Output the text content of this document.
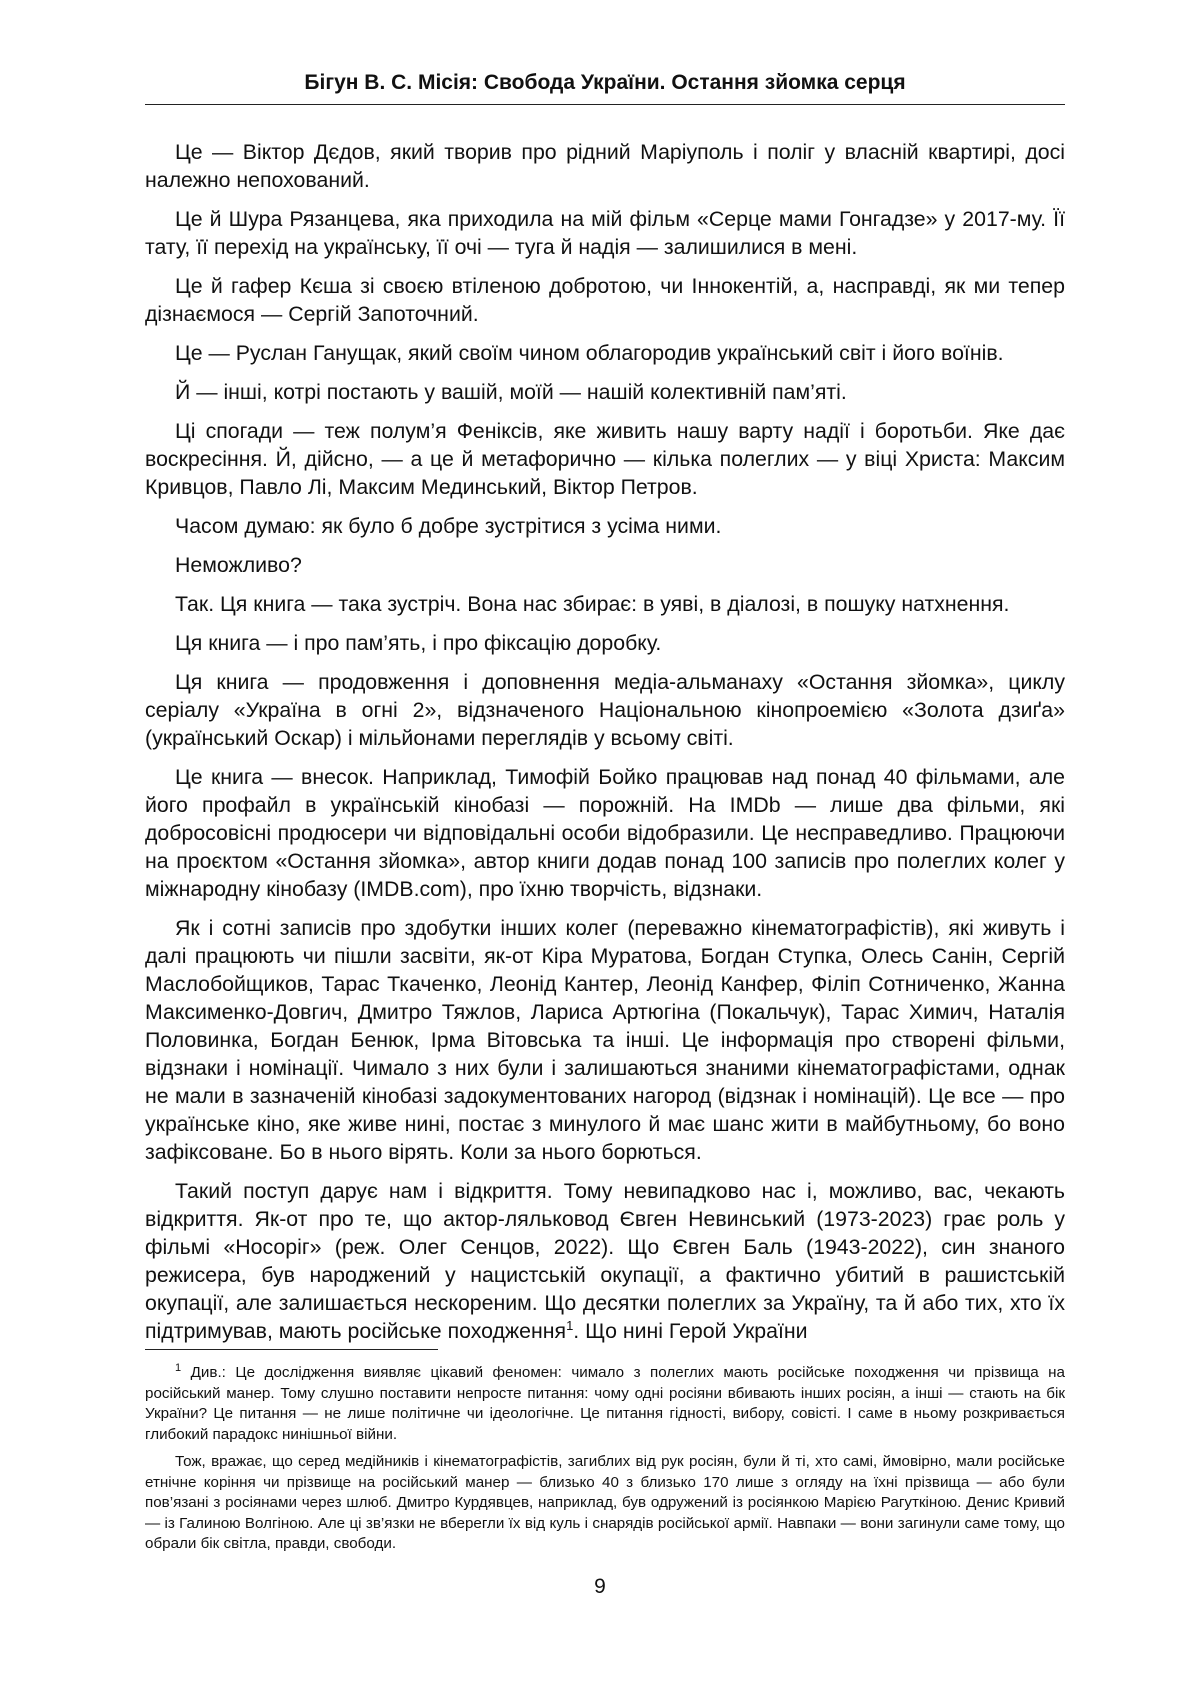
Бігун В. С. Місія: Свобода України. Остання зйомка серця

Це — Віктор Дєдов, який творив про рідний Маріуполь і поліг у власній квартирі, досі належно непохований.

Це й Шура Рязанцева, яка приходила на мій фільм «Серце мами Гонгадзе» у 2017-му. Її тату, її перехід на українську, її очі — туга й надія — залишилися в мені.

Це й гафер Кєша зі своєю втіленою добротою, чи Іннокентій, а, насправді, як ми тепер дізнаємося — Сергій Запоточний.

Це — Руслан Ганущак, який своїм чином облагородив український світ і його воїнів.

Й — інші, котрі постають у вашій, моїй — нашій колективній пам’яті.

Ці спогади — теж полум’я Феніксів, яке живить нашу варту надії і боротьби. Яке дає воскресіння. Й, дійсно, — а це й метафорично — кілька полеглих — у віці Христа: Максим Кривцов, Павло Лі, Максим Мединський, Віктор Петров.

Часом думаю: як було б добре зустрітися з усіма ними.

Неможливо?

Так. Ця книга — така зустріч. Вона нас збирає: в уяві, в діалозі, в пошуку натхнення.

Ця книга — і про пам’ять, і про фіксацію доробку.

Ця книга — продовження і доповнення медіа-альманаху «Остання зйомка», циклу серіалу «Україна в огні 2», відзначеного Національною кінопроемією «Золота дзиґа» (український Оскар) і мільйонами переглядів у всьому світі.

Це книга — внесок. Наприклад, Тимофій Бойко працював над понад 40 фільмами, але його профайл в українській кінобазі — порожній. На IMDb — лише два фільми, які добросовісні продюсери чи відповідальні особи відобразили. Це несправедливо. Працюючи на проєктом «Остання зйомка», автор книги додав понад 100 записів про полеглих колег у міжнародну кінобазу (IMDB.com), про їхню творчість, відзнаки.

Як і сотні записів про здобутки інших колег (переважно кінематографістів), які живуть і далі працюють чи пішли засвіти, як-от Кіра Муратова, Богдан Ступка, Олесь Санін, Сергій Маслобойщиков, Тарас Ткаченко, Леонід Кантер, Леонід Канфер, Філіп Сотниченко, Жанна Максименко-Довгич, Дмитро Тяжлов, Лариса Артюгіна (Покальчук), Тарас Химич, Наталія Половинка, Богдан Бенюк, Ірма Вітовська та інші. Це інформація про створені фільми, відзнаки і номінації. Чимало з них були і залишаються знаними кінематографістами, однак не мали в зазначеній кінобазі задокументованих нагород (відзнак і номінацій). Це все — про українське кіно, яке живе нині, постає з минулого й має шанс жити в майбутньому, бо воно зафіксоване. Бо в нього вірять. Коли за нього борються.

Такий поступ дарує нам і відкриття. Тому невипадково нас і, можливо, вас, чекають відкриття. Як-от про те, що актор-ляльковод Євген Невинський (1973-2023) грає роль у фільмі «Носоріг» (реж. Олег Сенцов, 2022). Що Євген Баль (1943-2022), син знаного режисера, був народжений у нацистській окупації, а фактично убитий в рашистській окупації, але залишається нескореним. Що десятки полеглих за Україну, та й або тих, хто їх підтримував, мають російське походження$^1$. Що нині Герой України

$^1$ Див.: Це дослідження виявляє цікавий феномен: чимало з полеглих мають російське походження чи прізвища на російський манер. Тому слушно поставити непросте питання: чому одні росіяни вбивають інших росіян, а інші — стають на бік України? Це питання — не лише політичне чи ідеологічне. Це питання гідності, вибору, совісті. І саме в ньому розкривається глибокий парадокс нинішньої війни.

Тож, вражає, що серед медійників і кінематографістів, загиблих від рук росіян, були й ті, хто самі, ймовірно, мали російське етнічне коріння чи прізвище на російський манер — близько 40 з близько 170 лише з огляду на їхні прізвища — або були пов’язані з росіянами через шлюб. Дмитро Курдявцев, наприклад, був одружений із росіянкою Марією Рагуткіною. Денис Кривий — із Галиною Волгіною. Але ці зв’язки не вберегли їх від куль і снарядів російської армії. Навпаки — вони загинули саме тому, що обрали бік світла, правди, свободи.

9
